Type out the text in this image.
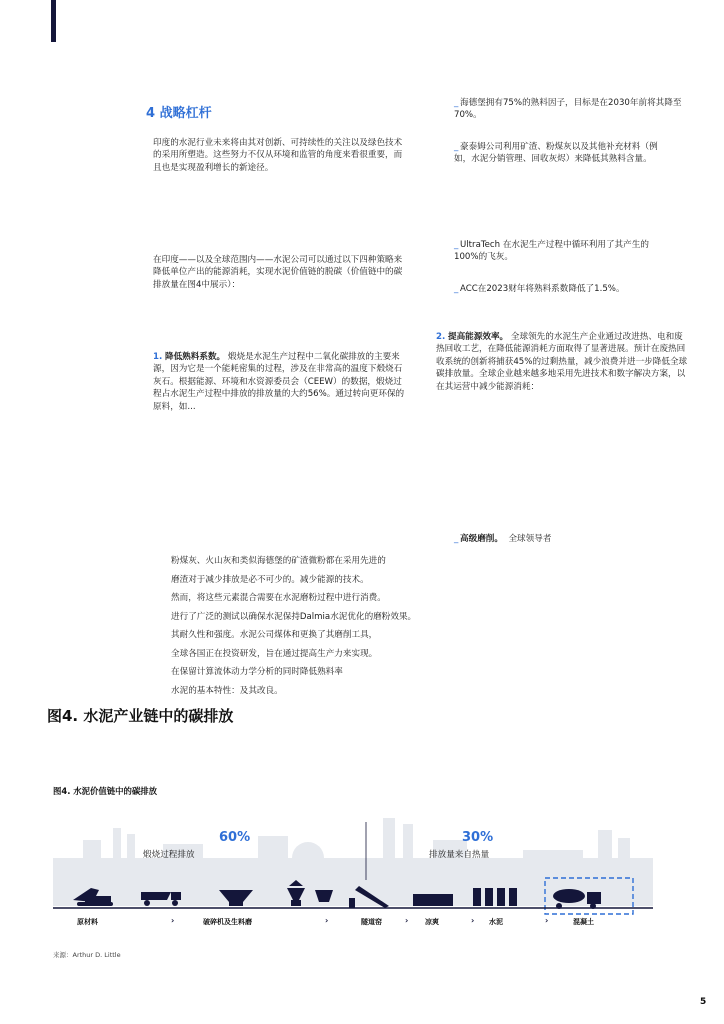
4 战略杠杆
印度的水泥行业未来将由其对创新、可持续性的关注以及绿色技术的采用所塑造。这些努力不仅从环境和监管的角度来看很重要，而且也是实现盈利增长的新途径。
在印度——以及全球范围内——水泥公司可以通过以下四种策略来降低单位产出的能源消耗，实现水泥价值链的脱碳（价值链中的碳排放量在图4中展示）：
1. 降低熟料系数。 煅烧是水泥生产过程中二氧化碳排放的主要来源，因为它是一个能耗密集的过程，涉及在非常高的温度下煅烧石灰石。根据能源、环境和水资源委员会（CEEW）的数据，煅烧过程占水泥生产过程中排放的排放量的大约56%。通过转向更环保的原料，如...
_ 海德堡拥有75%的熟料因子，目标是在2030年前将其降至70%。
_ 豪泰姆公司利用矿渣、粉煤灰以及其他补充材料（例如，水泥分销管理、回收灰烬）来降低其熟料含量。
_ UltraTech 在水泥生产过程中循环利用了其产生的100%的飞灰。
_ ACC在2023财年将熟料系数降低了1.5%。
2. 提高能源效率。 全球领先的水泥生产企业通过改进热、电和废热回收工艺，在降低能源消耗方面取得了显著进展。预计在废热回收系统的创新将捕获45%的过剩热量，减少浪费并进一步降低全球碳排放量。全球企业越来越多地采用先进技术和数字解决方案，以在其运营中减少能源消耗：
_ 高级磨削。 全球领导者
粉煤灰、火山灰和类似海德堡的矿渣微粉都在采用先进的
磨渣对于减少排放是必不可少的。减少能源的技术。
然而，将这些元素混合需要在水泥磨粉过程中进行消费。
进行了广泛的测试以确保水泥保持Dalmia水泥优化的磨粉效果。
其耐久性和强度。水泥公司煤体和更换了其磨削工具，
全球各国正在投资研发，旨在通过提高生产力来实现。
在保留计算流体动力学分析的同时降低熟料率
水泥的基本特性：及其改良。
图4. 水泥产业链中的碳排放
图4. 水泥价值链中的碳排放
60%
煅烧过程排放
30%
排放量来自热量
原材料	›	破碎机及生料磨	›	隧道窑	› 凉爽	› 水泥	›	混凝土
来源：Arthur D. Little
5
